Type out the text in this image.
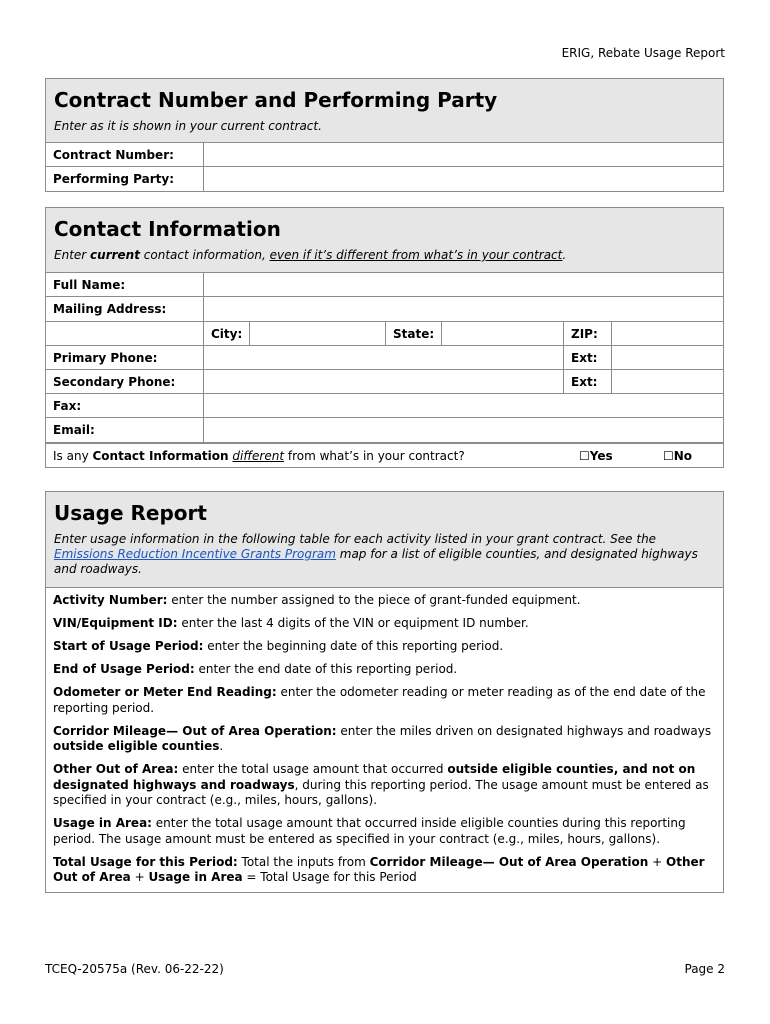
ERIG, Rebate Usage Report
Contract Number and Performing Party
Enter as it is shown in your current contract.
Contract Number:
Performing Party:
Contact Information
Enter current contact information, even if it’s different from what’s in your contract.
Full Name:
Mailing Address:
City:	State:	ZIP:
Primary Phone:	Ext:
Secondary Phone:	Ext:
Fax:
Email:
Is any Contact Information different from what’s in your contract?	☐Yes	☐No
Usage Report
Enter usage information in the following table for each activity listed in your grant contract. See the Emissions Reduction Incentive Grants Program map for a list of eligible counties, and designated highways and roadways.

Activity Number: enter the number assigned to the piece of grant-funded equipment.

VIN/Equipment ID: enter the last 4 digits of the VIN or equipment ID number.

Start of Usage Period: enter the beginning date of this reporting period.

End of Usage Period: enter the end date of this reporting period.

Odometer or Meter End Reading: enter the odometer reading or meter reading as of the end date of the reporting period.

Corridor Mileage— Out of Area Operation: enter the miles driven on designated highways and roadways outside eligible counties.

Other Out of Area: enter the total usage amount that occurred outside eligible counties, and not on designated highways and roadways, during this reporting period. The usage amount must be entered as specified in your contract (e.g., miles, hours, gallons).

Usage in Area: enter the total usage amount that occurred inside eligible counties during this reporting period. The usage amount must be entered as specified in your contract (e.g., miles, hours, gallons).

Total Usage for this Period: Total the inputs from Corridor Mileage— Out of Area Operation + Other Out of Area + Usage in Area = Total Usage for this Period

TCEQ-20575a (Rev. 06-22-22)	Page 2
